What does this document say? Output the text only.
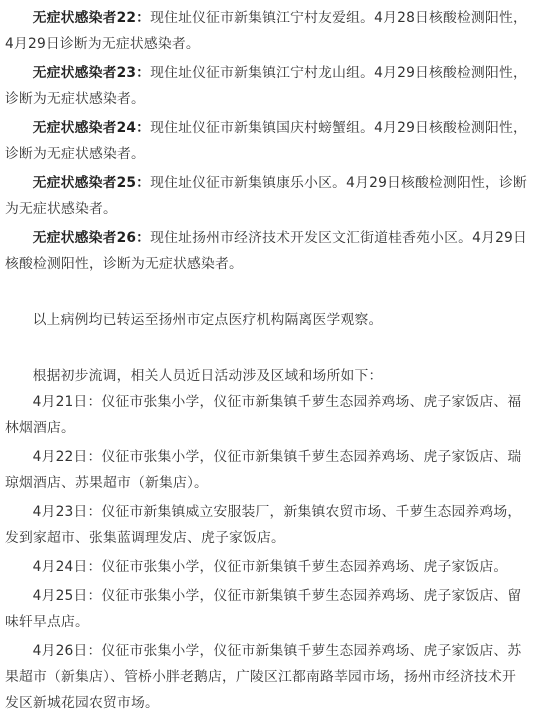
无症状感染者22：现住址仪征市新集镇江宁村友爱组。4月28日核酸检测阳性，4月29日诊断为无症状感染者。

无症状感染者23：现住址仪征市新集镇江宁村龙山组。4月29日核酸检测阳性，诊断为无症状感染者。

无症状感染者24：现住址仪征市新集镇国庆村螃蟹组。4月29日核酸检测阳性，诊断为无症状感染者。

无症状感染者25：现住址仪征市新集镇康乐小区。4月29日核酸检测阳性，诊断为无症状感染者。

无症状感染者26：现住址扬州市经济技术开发区文汇街道桂香苑小区。4月29日核酸检测阳性，诊断为无症状感染者。

以上病例均已转运至扬州市定点医疗机构隔离医学观察。

根据初步流调，相关人员近日活动涉及区域和场所如下：

4月21日：仪征市张集小学，仪征市新集镇千萝生态园养鸡场、虎子家饭店、福林烟酒店。

4月22日：仪征市张集小学，仪征市新集镇千萝生态园养鸡场、虎子家饭店、瑞琼烟酒店、苏果超市（新集店）。

4月23日：仪征市新集镇威立安服装厂，新集镇农贸市场、千萝生态园养鸡场，发到家超市、张集蓝调理发店、虎子家饭店。

4月24日：仪征市张集小学，仪征市新集镇千萝生态园养鸡场、虎子家饭店。

4月25日：仪征市张集小学，仪征市新集镇千萝生态园养鸡场、虎子家饭店、留味轩早点店。

4月26日：仪征市张集小学，仪征市新集镇千萝生态园养鸡场、虎子家饭店、苏果超市（新集店）、管桥小胖老鹅店，广陵区江都南路莘园市场，扬州市经济技术开发区新城花园农贸市场。
